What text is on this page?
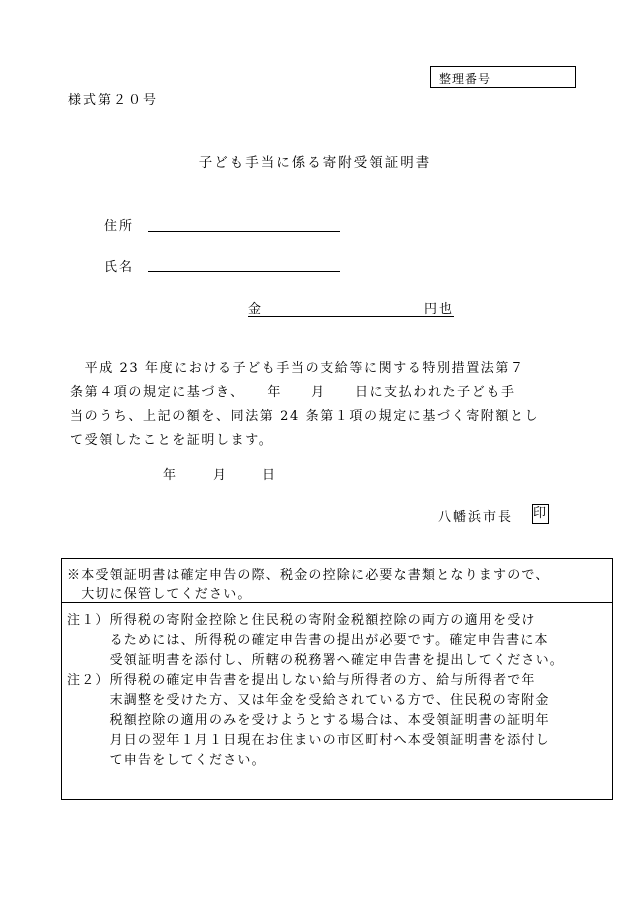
整理番号
様式第２０号
子ども手当に係る寄附受領証明書
住所
氏名
金	円也
　平成 23 年度における子ども手当の支給等に関する特別措置法第７
条第４項の規定に基づき、　　年　　月　　日に支払われた子ども手
当のうち、上記の額を、同法第 24 条第１項の規定に基づく寄附額とし
て受領したことを証明します。
年	月	日
八幡浜市長 印
※本受領証明書は確定申告の際、税金の控除に必要な書類となりますので、
　大切に保管してください。
注１）所得税の寄附金控除と住民税の寄附金税額控除の両方の適用を受け
　　　るためには、所得税の確定申告書の提出が必要です。確定申告書に本
　　　受領証明書を添付し、所轄の税務署へ確定申告書を提出してください。
注２）所得税の確定申告書を提出しない給与所得者の方、給与所得者で年
　　　末調整を受けた方、又は年金を受給されている方で、住民税の寄附金
　　　税額控除の適用のみを受けようとする場合は、本受領証明書の証明年
　　　月日の翌年１月１日現在お住まいの市区町村へ本受領証明書を添付し
　　　て申告をしてください。
